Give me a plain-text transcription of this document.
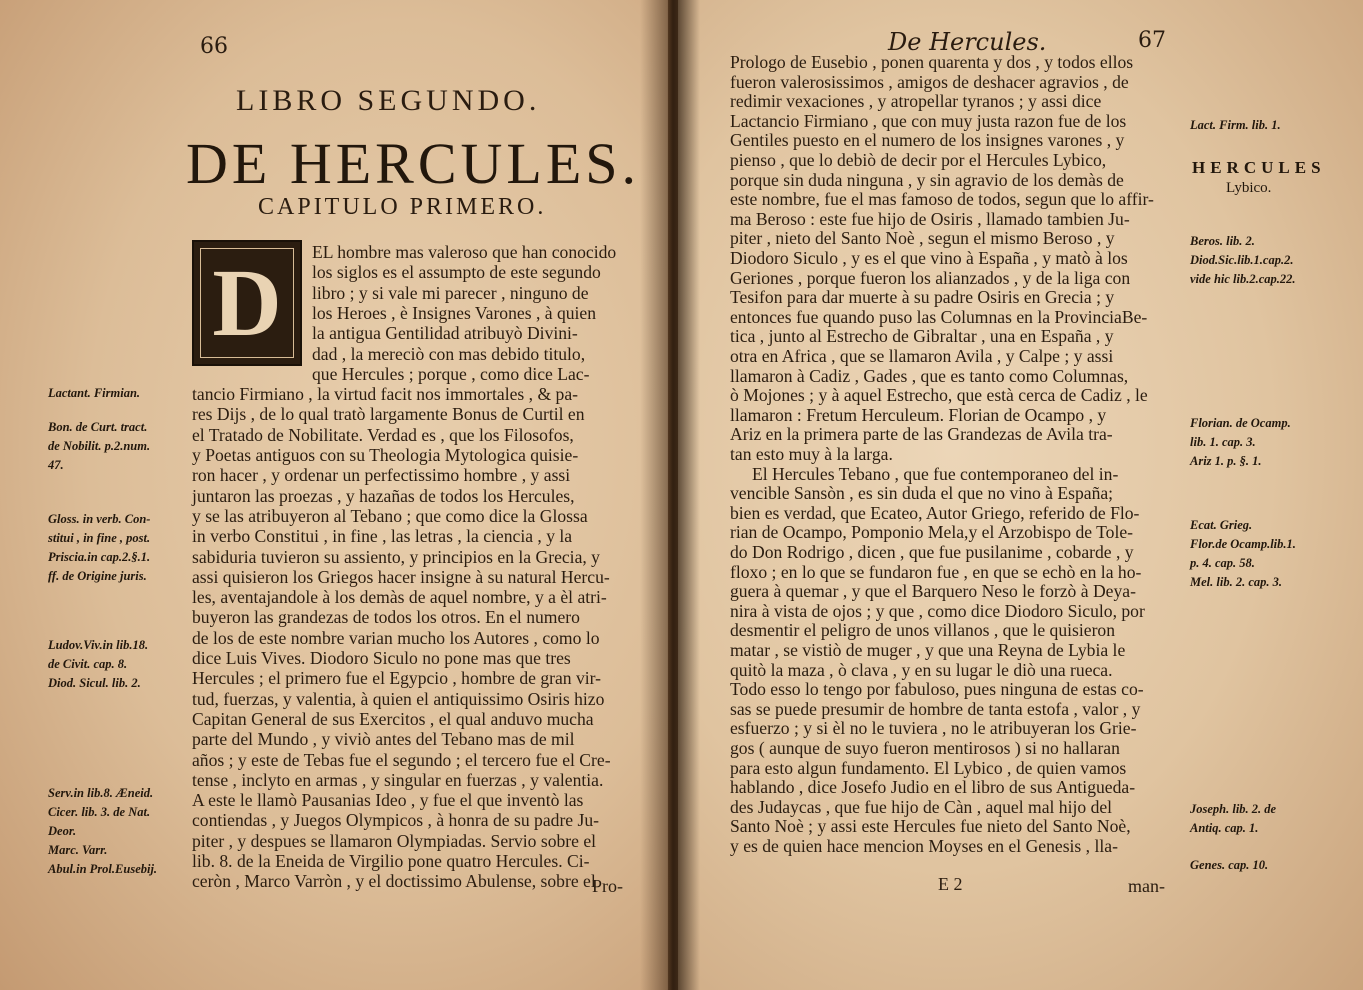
66
LIBRO SEGUNDO.
DE HERCULES.
CAPITULO PRIMERO.
D EL hombre mas valeroso que han conocido
los siglos es el assumpto de este segundo
libro ; y si vale mi parecer , ninguno de
los Heroes , è Insignes Varones , à quien
la antigua Gentilidad atribuyò Divini-
dad , la mereciò con mas debido titulo,
que Hercules ; porque , como dice Lac-
tancio Firmiano , la virtud facit nos immortales , & pa-
res Dijs , de lo qual tratò largamente Bonus de Curtil en
el Tratado de Nobilitate. Verdad es , que los Filosofos,
y Poetas antiguos con su Theologia Mytologica quisie-
ron hacer , y ordenar un perfectissimo hombre , y assi
juntaron las proezas , y hazañas de todos los Hercules,
y se las atribuyeron al Tebano ; que como dice la Glossa
in verbo Constitui , in fine , las letras , la ciencia , y la
sabiduria tuvieron su assiento, y principios en la Grecia, y
assi quisieron los Griegos hacer insigne à su natural Hercu-
les, aventajandole à los demàs de aquel nombre, y a èl atri-
buyeron las grandezas de todos los otros. En el numero
de los de este nombre varian mucho los Autores , como lo
dice Luis Vives. Diodoro Siculo no pone mas que tres
Hercules ; el primero fue el Egypcio , hombre de gran vir-
tud, fuerzas, y valentia, à quien el antiquissimo Osiris hizo
Capitan General de sus Exercitos , el qual anduvo mucha
parte del Mundo , y viviò antes del Tebano mas de mil
años ; y este de Tebas fue el segundo ; el tercero fue el Cre-
tense , inclyto en armas , y singular en fuerzas , y valentia.
A este le llamò Pausanias Ideo , y fue el que inventò las
contiendas , y Juegos Olympicos , à honra de su padre Ju-
piter , y despues se llamaron Olympiadas. Servio sobre el
lib. 8. de la Eneida de Virgilio pone quatro Hercules. Ci-
ceròn , Marco Varròn , y el doctissimo Abulense, sobre el
Lactant. Firmian.
Bon. de Curt. tract.
de Nobilit. p.2.num.
47.
Gloss. in verb. Con-
stitui , in fine , post.
Priscia.in cap.2.§.1.
ff. de Origine juris.
Ludov.Viv.in lib.18.
de Civit. cap. 8.
Diod. Sicul. lib. 2.
Serv.in lib.8. Æneid.
Cicer. lib. 3. de Nat.
Deor.
Marc. Varr.
Abul.in Prol.Eusebij.
Pro-
De Hercules.	67
Prologo de Eusebio , ponen quarenta y dos , y todos ellos
fueron valerosissimos , amigos de deshacer agravios , de
redimir vexaciones , y atropellar tyranos ; y assi dice
Lactancio Firmiano , que con muy justa razon fue de los
Gentiles puesto en el numero de los insignes varones , y
pienso , que lo debiò de decir por el Hercules Lybico,
porque sin duda ninguna , y sin agravio de los demàs de
este nombre, fue el mas famoso de todos, segun que lo affir-
ma Beroso : este fue hijo de Osiris , llamado tambien Ju-
piter , nieto del Santo Noè , segun el mismo Beroso , y
Diodoro Siculo , y es el que vino à España , y matò à los
Geriones , porque fueron los alianzados , y de la liga con
Tesifon para dar muerte à su padre Osiris en Grecia ; y
entonces fue quando puso las Columnas en la ProvinciaBe-
tica , junto al Estrecho de Gibraltar , una en España , y
otra en Africa , que se llamaron Avila , y Calpe ; y assi
llamaron à Cadiz , Gades , que es tanto como Columnas,
ò Mojones ; y à aquel Estrecho, que està cerca de Cadiz , le
llamaron : Fretum Herculeum. Florian de Ocampo , y
Ariz en la primera parte de las Grandezas de Avila tra-
tan esto muy à la larga.
El Hercules Tebano , que fue contemporaneo del in-
vencible Sansòn , es sin duda el que no vino à España;
bien es verdad, que Ecateo, Autor Griego, referido de Flo-
rian de Ocampo, Pomponio Mela,y el Arzobispo de Tole-
do Don Rodrigo , dicen , que fue pusilanime , cobarde , y
floxo ; en lo que se fundaron fue , en que se echò en la ho-
guera à quemar , y que el Barquero Neso le forzò à Deya-
nira à vista de ojos ; y que , como dice Diodoro Siculo, por
desmentir el peligro de unos villanos , que le quisieron
matar , se vistiò de muger , y que una Reyna de Lybia le
quitò la maza , ò clava , y en su lugar le diò una rueca.
Todo esso lo tengo por fabuloso, pues ninguna de estas co-
sas se puede presumir de hombre de tanta estofa , valor , y
esfuerzo ; y si èl no le tuviera , no le atribuyeran los Grie-
gos ( aunque de suyo fueron mentirosos ) si no hallaran
para esto algun fundamento. El Lybico , de quien vamos
hablando , dice Josefo Judio en el libro de sus Antigueda-
des Judaycas , que fue hijo de Càn , aquel mal hijo del
Santo Noè ; y assi este Hercules fue nieto del Santo Noè,
y es de quien hace mencion Moyses en el Genesis , lla-
HERCULES
Lybico.
Lact. Firm. lib. 1.
Beros. lib. 2.
Diod.Sic.lib.1.cap.2.
vide hic lib.2.cap.22.
Florian. de Ocamp.
lib. 1. cap. 3.
Ariz 1. p. §. 1.
Ecat. Grieg.
Flor.de Ocamp.lib.1.
p. 4. cap. 58.
Mel. lib. 2. cap. 3.
Joseph. lib. 2. de
Antiq. cap. 1.
Genes. cap. 10.
E 2	man-
